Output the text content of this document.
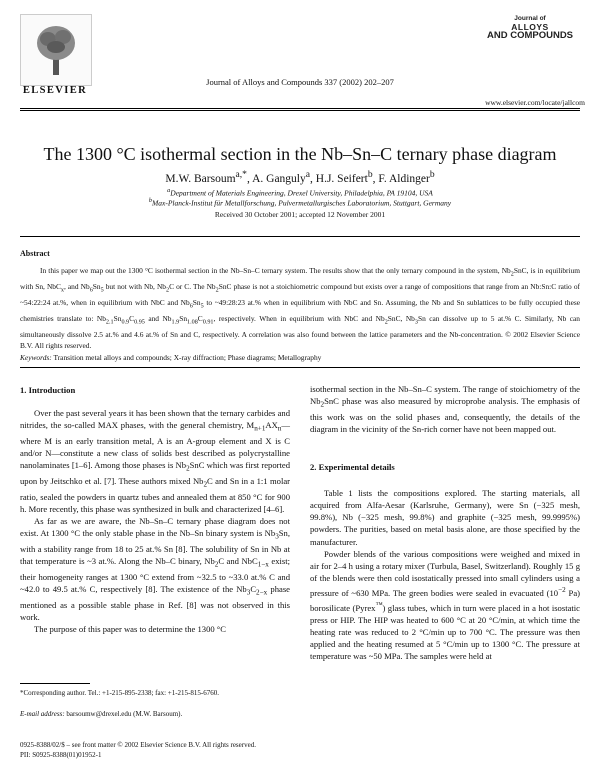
ELSEVIER
Journal of Alloys and Compounds 337 (2002) 202–207
Journal of
ALLOYS
AND COMPOUNDS
www.elsevier.com/locate/jallcom
The 1300 °C isothermal section in the Nb–Sn–C ternary phase diagram
M.W. Barsoum$^{a,*}$, A. Ganguly$^a$, H.J. Seifert$^b$, F. Aldinger$^b$
$^a$Department of Materials Engineering, Drexel University, Philadelphia, PA 19104, USA
$^b$Max-Planck-Institut für Metallforschung, Pulvermetallurgisches Laboratorium, Stuttgart, Germany
Received 30 October 2001; accepted 12 November 2001
Abstract
In this paper we map out the 1300 °C isothermal section in the Nb–Sn–C ternary system. The results show that the only ternary compound in the system, $Nb_2SnC$, is in equilibrium with Sn, NbC$_x$, and $Nb_6Sn_5$ but not with Nb, $Nb_2C$ or C. The $Nb_2SnC$ phase is not a stoichiometric compound but exists over a range of compositions that range from an Nb:Sn:C ratio of ~54:22:24 at.%, when in equilibrium with NbC and $Nb_6Sn_5$ to ~49:28:23 at.% when in equilibrium with NbC and Sn. Assuming, the Nb and Sn sublattices to be fully occupied these chemistries translate to: $Nb_{2.1}Sn_{0.9}C_{0.95}$ and $Nb_{1.9}Sn_{1.08}C_{0.91}$, respectively. When in equilibrium with NbC and $Nb_2SnC$, $Nb_3Sn$ can dissolve up to 5 at.% C. Similarly, Nb can simultaneously dissolve 2.5 at.% and 4.6 at.% of Sn and C, respectively. A correlation was also found between the lattice parameters and the Nb-concentration. © 2002 Elsevier Science B.V. All rights reserved.
Keywords: Transition metal alloys and compounds; X-ray diffraction; Phase diagrams; Metallography
1. Introduction

Over the past several years it has been shown that the ternary carbides and nitrides, the so-called MAX phases, with the general chemistry, $M_{n+1}AX_n—where$ M is an early transition metal, A is an A-group element and X is C and/or N—constitute a new class of solids best described as polycrystalline nanolaminates [1–6]. Among those phases is $Nb_2SnC$ which was first reported upon by Jeitschko et al. [7]. These authors mixed $Nb_2C$ and Sn in a 1:1 molar ratio, sealed the powders in quartz tubes and annealed them at 850 °C for 900 h. More recently, this phase was synthesized in bulk and characterized [4–6].

As far as we are aware, the Nb–Sn–C ternary phase diagram does not exist. At 1300 °C the only stable phase in the Nb–Sn binary system is $Nb_3Sn$, with a stability range from 18 to 25 at.% Sn [8]. The solubility of Sn in Nb at that temperature is ~3 at.%. Along the Nb–C binary, $Nb_2C$ and NbC$_{1-x}$ exist; their homogeneity ranges at 1300 °C extend from ~32.5 to ~33.0 at.% C and ~42.0 to 49.5 at.% C, respectively [8]. The existence of the $Nb_3C_{2-x}$ phase mentioned as a possible stable phase in Ref. [8] was not observed in this work.

The purpose of this paper was to determine the 1300 °C

*Corresponding author. Tel.: +1-215-895-2338; fax: +1-215-815-6760.
E-mail address: barsoumw@drexel.edu (M.W. Barsoum).

isothermal section in the Nb–Sn–C system. The range of stoichiometry of the $Nb_2SnC$ phase was also measured by microprobe analysis. The emphasis of this work was on the solid phases and, consequently, the details of the diagram in the vicinity of the Sn-rich corner have not been mapped out.

2. Experimental details

Table 1 lists the compositions explored. The starting materials, all acquired from Alfa-Aesar (Karlsruhe, Germany), were Sn (−325 mesh, 99.8%), Nb (−325 mesh, 99.8%) and graphite (−325 mesh, 99.9995%) powders. The purities, based on metal basis alone, are those specified by the manufacturer.

Powder blends of the various compositions were weighed and mixed in air for 2–4 h using a rotary mixer (Turbula, Basel, Switzerland). Roughly 15 g of the blends were then cold isostatically pressed into small cylinders using a pressure of ~630 MPa. The green bodies were sealed in evacuated ($10^{-2}$ Pa) borosilicate (Pyrex™) glass tubes, which in turn were placed in a hot isostatic press or HIP. The HIP was heated to 600 °C at 20 °C/min, at which time the heating rate was reduced to 2 °C/min up to 700 °C. The pressure was then applied and the heating resumed at 5 °C/min up to 1300 °C. The pressure at temperature was ~50 MPa. The samples were held at

0925-8388/02/$ – see front matter © 2002 Elsevier Science B.V. All rights reserved.
PII: S0925-8388(01)01952-1
